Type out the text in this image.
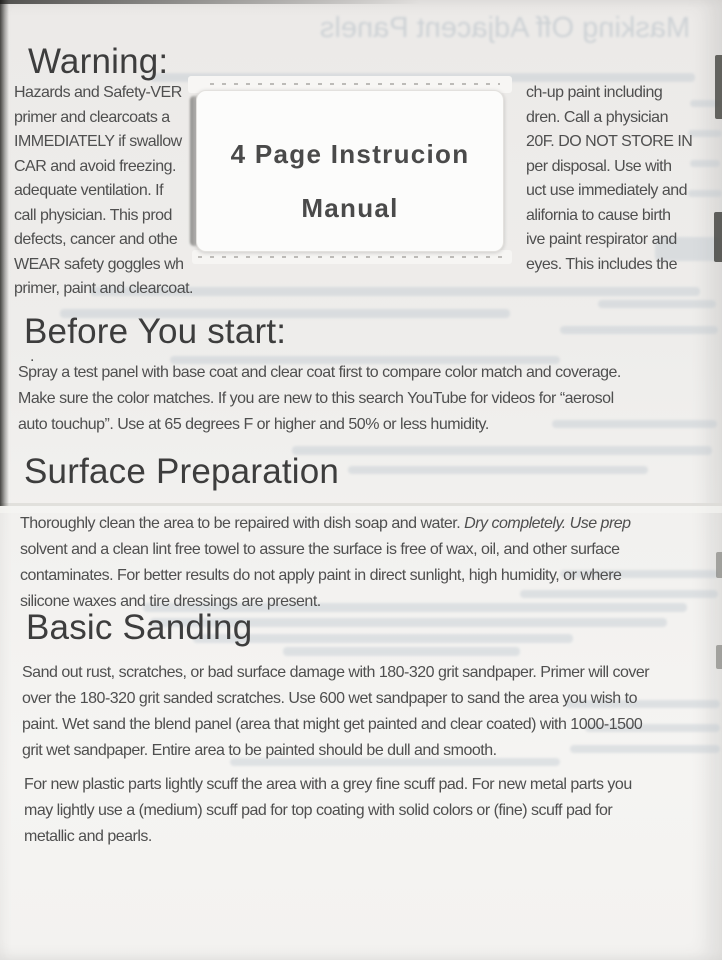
Masking Off Adjacent Panels
Warning:
Hazards and Safety-VER	ch-up paint including
primer and clearcoats a	dren. Call a physician
IMMEDIATELY if swallow	20F. DO NOT STORE IN
CAR and avoid freezing.	per disposal. Use with
adequate ventilation. If	uct use immediately and
call physician. This prod	alifornia to cause birth
defects, cancer and othe	ive paint respirator and
WEAR safety goggles wh	eyes. This includes the
primer, paint and clearcoat.
4 Page Instrucion
Manual
Before You start:
.
Spray a test panel with base coat and clear coat first to compare color match and coverage.
Make sure the color matches. If you are new to this search YouTube for videos for “aerosol
auto touchup”. Use at 65 degrees F or higher and 50% or less humidity.
Surface Preparation
Thoroughly clean the area to be repaired with dish soap and water. Dry completely. Use prep
solvent and a clean lint free towel to assure the surface is free of wax, oil, and other surface
contaminates. For better results do not apply paint in direct sunlight, high humidity, or where
silicone waxes and tire dressings are present.
Basic Sanding
Sand out rust, scratches, or bad surface damage with 180-320 grit sandpaper. Primer will cover
over the 180-320 grit sanded scratches. Use 600 wet sandpaper to sand the area you wish to
paint. Wet sand the blend panel (area that might get painted and clear coated) with 1000-1500
grit wet sandpaper. Entire area to be painted should be dull and smooth.
For new plastic parts lightly scuff the area with a grey fine scuff pad. For new metal parts you
may lightly use a (medium) scuff pad for top coating with solid colors or (fine) scuff pad for
metallic and pearls.
